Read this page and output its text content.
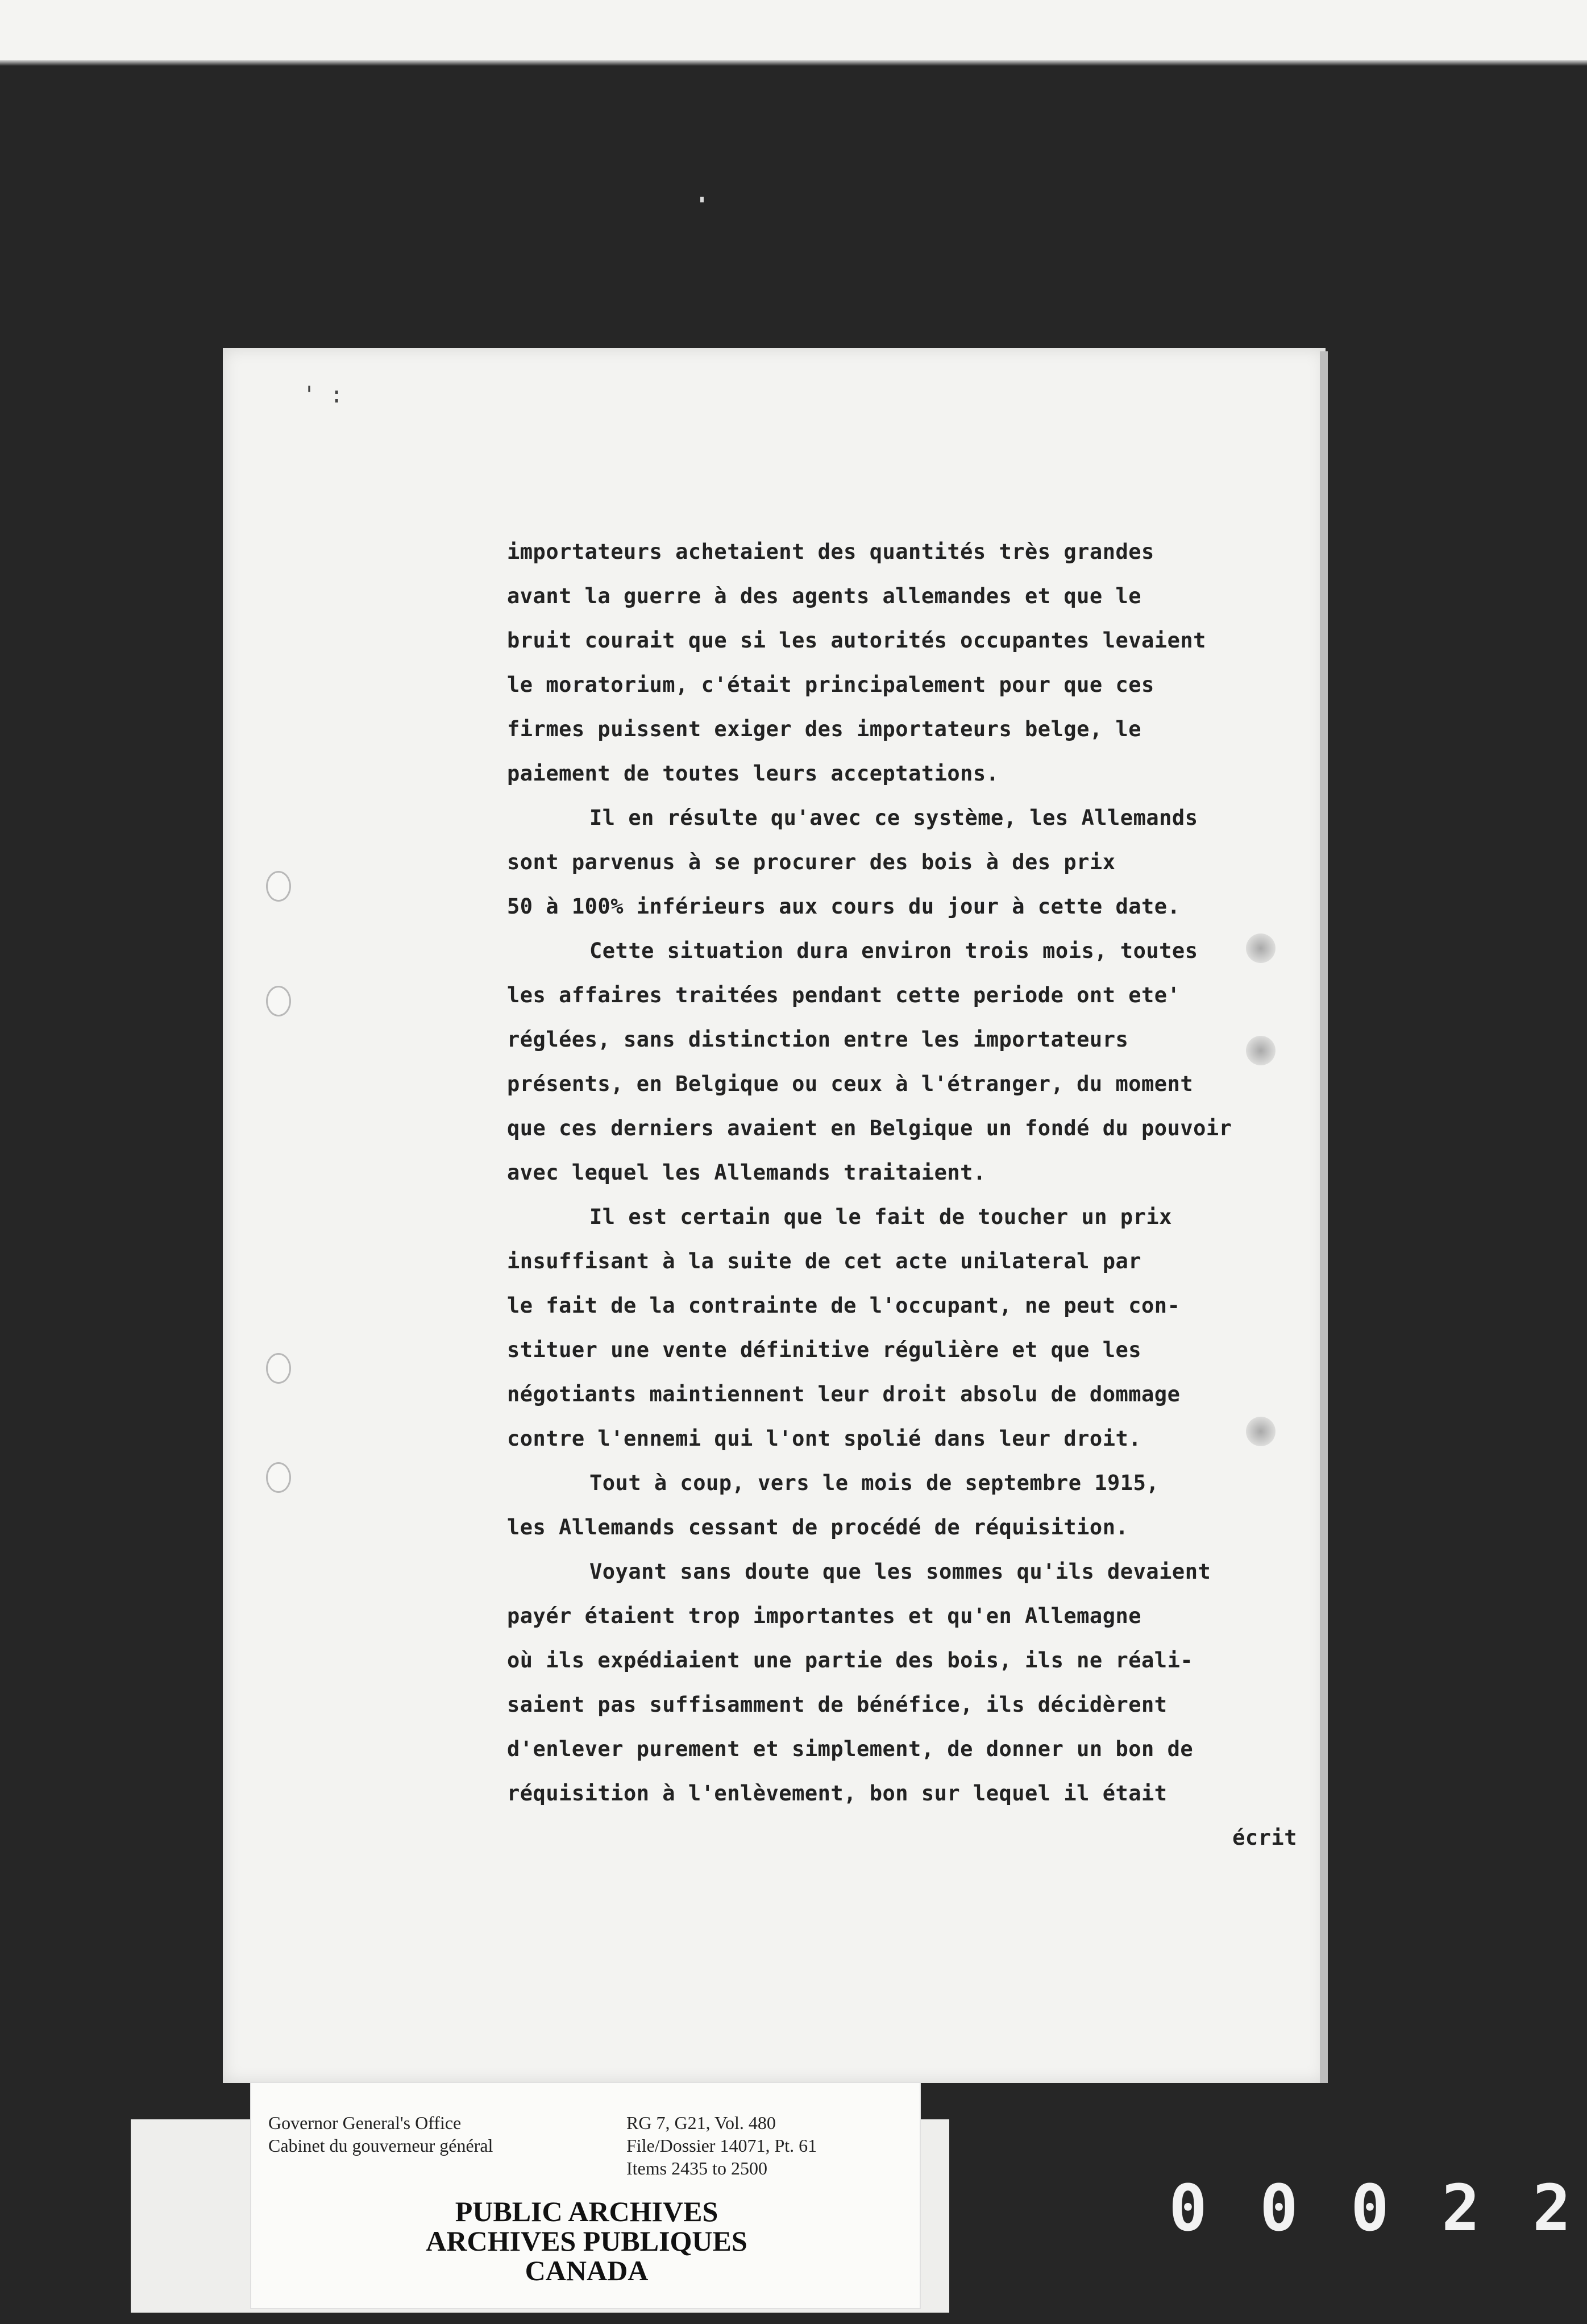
' :
importateurs achetaient des quantités très grandes
avant la guerre à des agents allemandes et que le
bruit courait que si les autorités occupantes levaient
le moratorium, c'était principalement pour que ces
firmes puissent exiger des importateurs belge, le
paiement de toutes leurs acceptations.
Il en résulte qu'avec ce système, les Allemands
sont parvenus à se procurer des bois à des prix
50 à 100% inférieurs aux cours du jour à cette date.
Cette situation dura environ trois mois, toutes
les affaires traitées pendant cette periode ont ete'
réglées, sans distinction entre les importateurs
présents, en Belgique ou ceux à l'étranger, du moment
que ces derniers avaient en Belgique un fondé du pouvoir
avec lequel les Allemands traitaient.
Il est certain que le fait de toucher un prix
insuffisant à la suite de cet acte unilateral par
le fait de la contrainte de l'occupant, ne peut con-
stituer une vente définitive régulière et que les
négotiants maintiennent leur droit absolu de dommage
contre l'ennemi qui l'ont spolié dans leur droit.
Tout à coup, vers le mois de septembre 1915,
les Allemands cessant de procédé de réquisition.
Voyant sans doute que les sommes qu'ils devaient
payér étaient trop importantes et qu'en Allemagne
où ils expédiaient une partie des bois, ils ne réali-
saient pas suffisamment de bénéfice, ils décidèrent
d'enlever purement et simplement, de donner un bon de
réquisition à l'enlèvement, bon sur lequel il était
écrit
Governor General's Office
Cabinet du gouverneur général
RG 7, G21, Vol. 480
File/Dossier 14071, Pt. 61
Items 2435 to 2500
PUBLIC ARCHIVES
ARCHIVES PUBLIQUES
CANADA
0 0 0 2 2
